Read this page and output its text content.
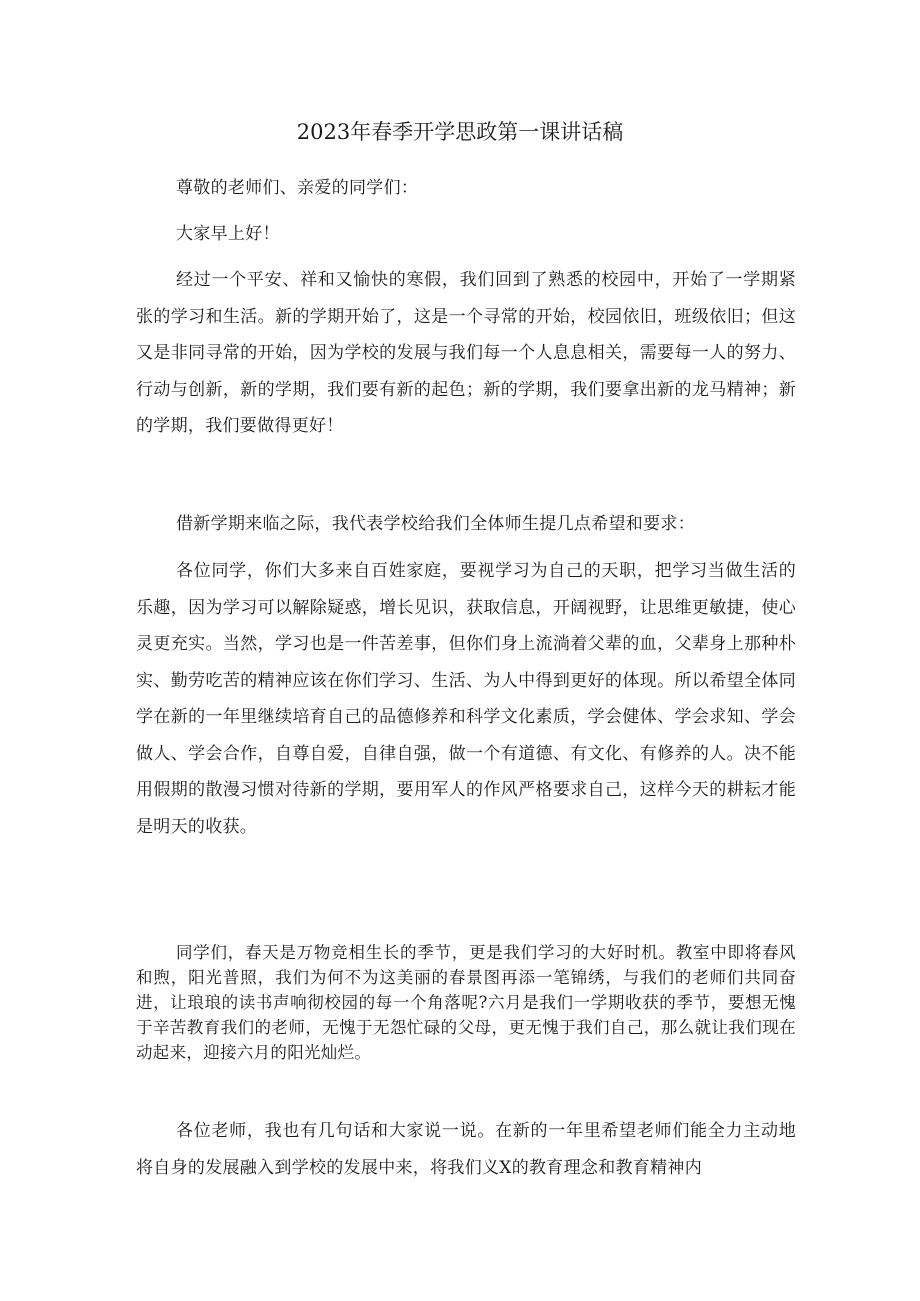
2023年春季开学思政第一课讲话稿

尊敬的老师们、亲爱的同学们：

大家早上好！

经过一个平安、祥和又愉快的寒假，我们回到了熟悉的校园中，开始了一学期紧张的学习和生活。新的学期开始了，这是一个寻常的开始，校园依旧，班级依旧；但这又是非同寻常的开始，因为学校的发展与我们每一个人息息相关，需要每一人的努力、行动与创新，新的学期，我们要有新的起色；新的学期，我们要拿出新的龙马精神；新的学期，我们要做得更好！

借新学期来临之际，我代表学校给我们全体师生提几点希望和要求：

各位同学，你们大多来自百姓家庭，要视学习为自己的天职，把学习当做生活的乐趣，因为学习可以解除疑惑，增长见识，获取信息，开阔视野，让思维更敏捷，使心灵更充实。当然，学习也是一件苦差事，但你们身上流淌着父辈的血，父辈身上那种朴实、勤劳吃苦的精神应该在你们学习、生活、为人中得到更好的体现。所以希望全体同学在新的一年里继续培育自己的品德修养和科学文化素质，学会健体、学会求知、学会做人、学会合作，自尊自爱，自律自强，做一个有道德、有文化、有修养的人。决不能用假期的散漫习惯对待新的学期，要用军人的作风严格要求自己，这样今天的耕耘才能是明天的收获。

同学们，春天是万物竞相生长的季节，更是我们学习的大好时机。教室中即将春风和煦，阳光普照，我们为何不为这美丽的春景图再添一笔锦绣，与我们的老师们共同奋进，让琅琅的读书声响彻校园的每一个角落呢?六月是我们一学期收获的季节，要想无愧于辛苦教育我们的老师，无愧于无怨忙碌的父母，更无愧于我们自己，那么就让我们现在动起来，迎接六月的阳光灿烂。

各位老师，我也有几句话和大家说一说。在新的一年里希望老师们能全力主动地将自身的发展融入到学校的发展中来，将我们义X的教育理念和教育精神内
